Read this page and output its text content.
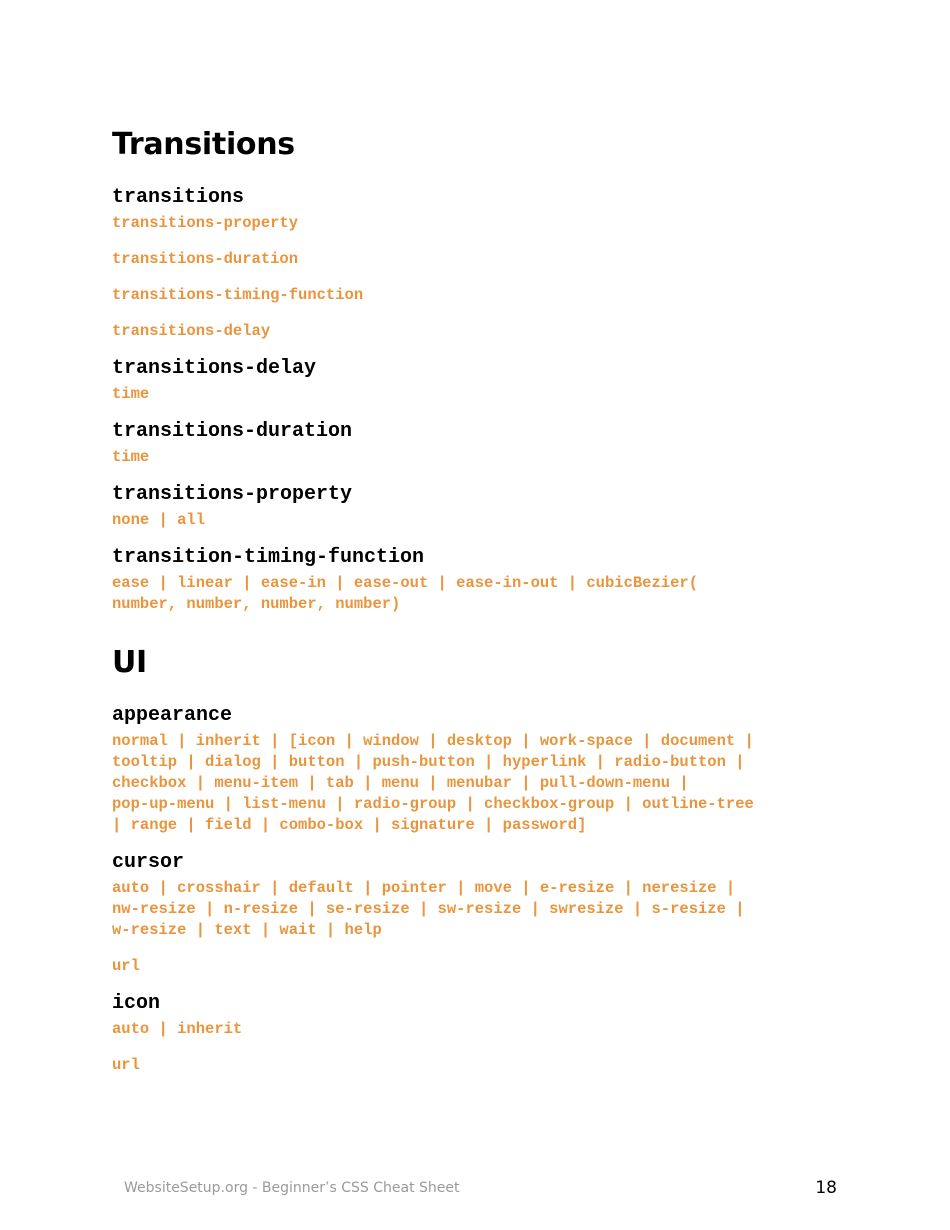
Transitions
transitions
transitions-property
transitions-duration
transitions-timing-function
transitions-delay
transitions-delay
time
transitions-duration
time
transitions-property
none | all
transition-timing-function
ease | linear | ease-in | ease-out | ease-in-out | cubicBezier(
number, number, number, number)
UI
appearance
normal | inherit | [icon | window | desktop | work-space | document |
tooltip | dialog | button | push-button | hyperlink | radio-button |
checkbox | menu-item | tab | menu | menubar | pull-down-menu |
pop-up-menu | list-menu | radio-group | checkbox-group | outline-tree
| range | field | combo-box | signature | password]
cursor
auto | crosshair | default | pointer | move | e-resize | neresize |
nw-resize | n-resize | se-resize | sw-resize | swresize | s-resize |
w-resize | text | wait | help
url
icon
auto | inherit
url
WebsiteSetup.org - Beginner’s CSS Cheat Sheet	18
